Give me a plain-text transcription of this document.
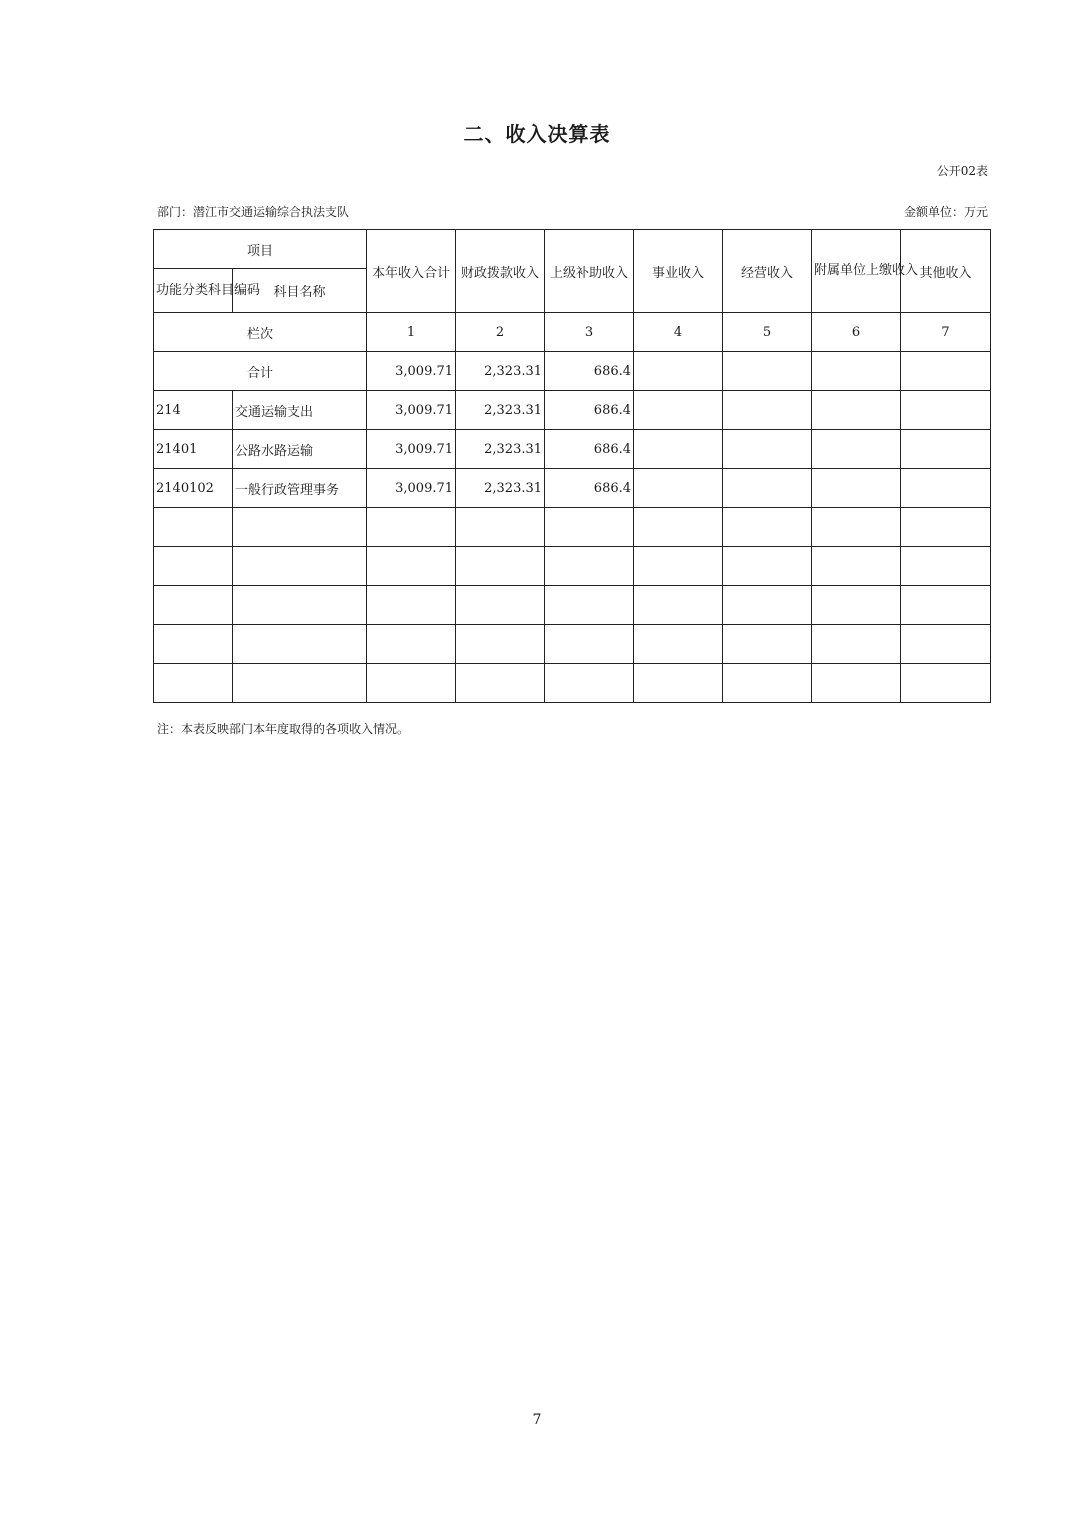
二、收入决算表
公开02表
部门：潜江市交通运输综合执法支队	金额单位：万元
项目		本年收入合计	财政拨款收入	上级补助收入	事业收入	经营收入	附属单位上缴收入	其他收入
功能分类科目编码	科目名称							
栏次		1	2	3	4	5	6	7
合计		3,009.71	2,323.31	686.4				
214	交通运输支出	3,009.71	2,323.31	686.4				
21401	公路水路运输	3,009.71	2,323.31	686.4				
2140102	一般行政管理事务	3,009.71	2,323.31	686.4				

注：本表反映部门本年度取得的各项收入情况。
7
